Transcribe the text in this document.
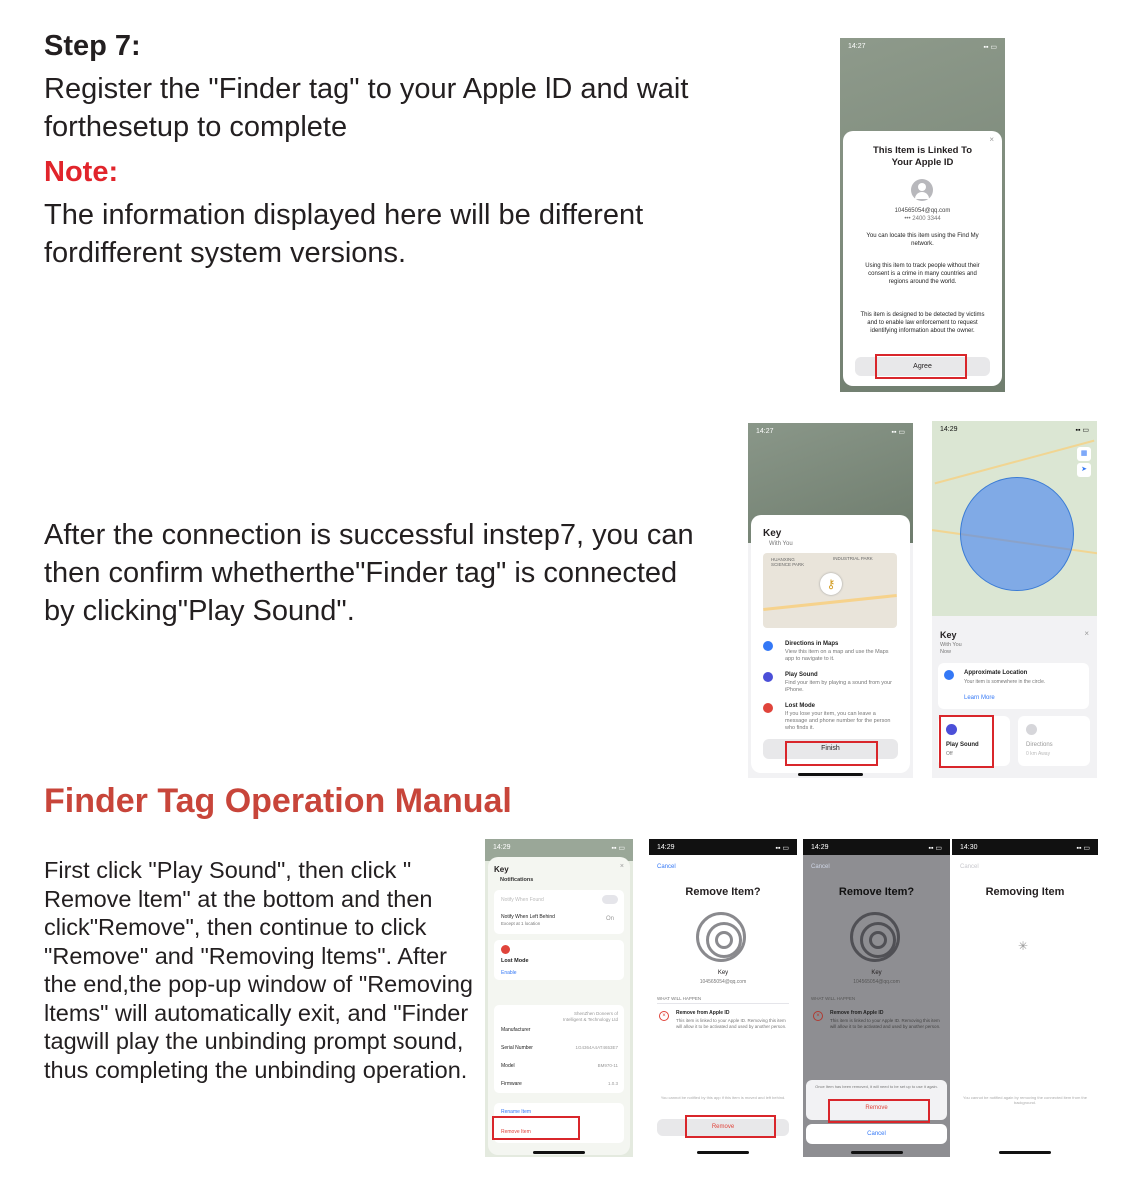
Step 7:
Register the "Finder tag" to your Apple lD and wait forthesetup to complete
Note:
The information displayed here will be different fordifferent system versions.
After the connection is successful instep7, you can then confirm whetherthe"Finder tag" is connected by clicking"Play Sound".
Finder Tag Operation Manual
First click "Play Sound", then click " Remove ltem" at the bottom and then click"Remove", then continue to click "Remove" and "Removing ltems". After the end,the pop-up window of "Removing ltems" will automatically exit, and "Finder tagwill play the unbinding prompt sound, thus completing the unbinding operation.
14:27	▪▪ ▭
×
This Item is Linked To Your Apple ID
104565054@qq.com
••• 2400 3344
You can locate this item using the Find My network.
Using this item to track people without their consent is a crime in many countries and regions around the world.
This item is designed to be detected by victims and to enable law enforcement to request identifying information about the owner.
Agree
14:27	▪▪ ▭
Key
With You
HUANXING SCIENCE PARK
INDUSTRIAL PARK
⚷
Directions in Maps
View this item on a map and use the Maps app to navigate to it.
Play Sound
Find your item by playing a sound from your iPhone.
Lost Mode
If you lose your item, you can leave a message and phone number for the person who finds it.
Finish
▦
➤
14:29	▪▪ ▭
Key
With You
Now
×
Approximate Location
Your item is somewhere in the circle.
Learn More
Play Sound
Off
Directions
0 km Away
14:29	▪▪ ▭
Key	×
Notifications
Notify When Found
Notify When Left Behind
Except at 1 location
On
Lost Mode
Enable
Manufacturer
ShenZhen Doneers of Intelligent & Technology Ltd
Serial Number	1G4364A4AT4653E7
Model	BM970-11
Firmware	1.0.3
Rename Item
Remove Item
14:29	▪▪ ▭
Cancel
Remove Item?
Key
104565054@qq.com
WHAT WILL HAPPEN
×	Remove from Apple ID
This item is linked to your Apple ID. Removing this item will allow it to be activated and used by another person.
You cannot be notified by this app if this item is moved and left behind.
Remove
14:29	▪▪ ▭
Cancel
Remove Item?
Key
104565054@qq.com
WHAT WILL HAPPEN
×	Remove from Apple ID
This item is linked to your Apple ID. Removing this item will allow it to be activated and used by another person.
Once Item has been removed, it will need to be set up to use it again.
Remove
Cancel
14:30	▪▪ ▭
Cancel
Removing Item
✳
You cannot be notified again by removing the connected item from the background.
